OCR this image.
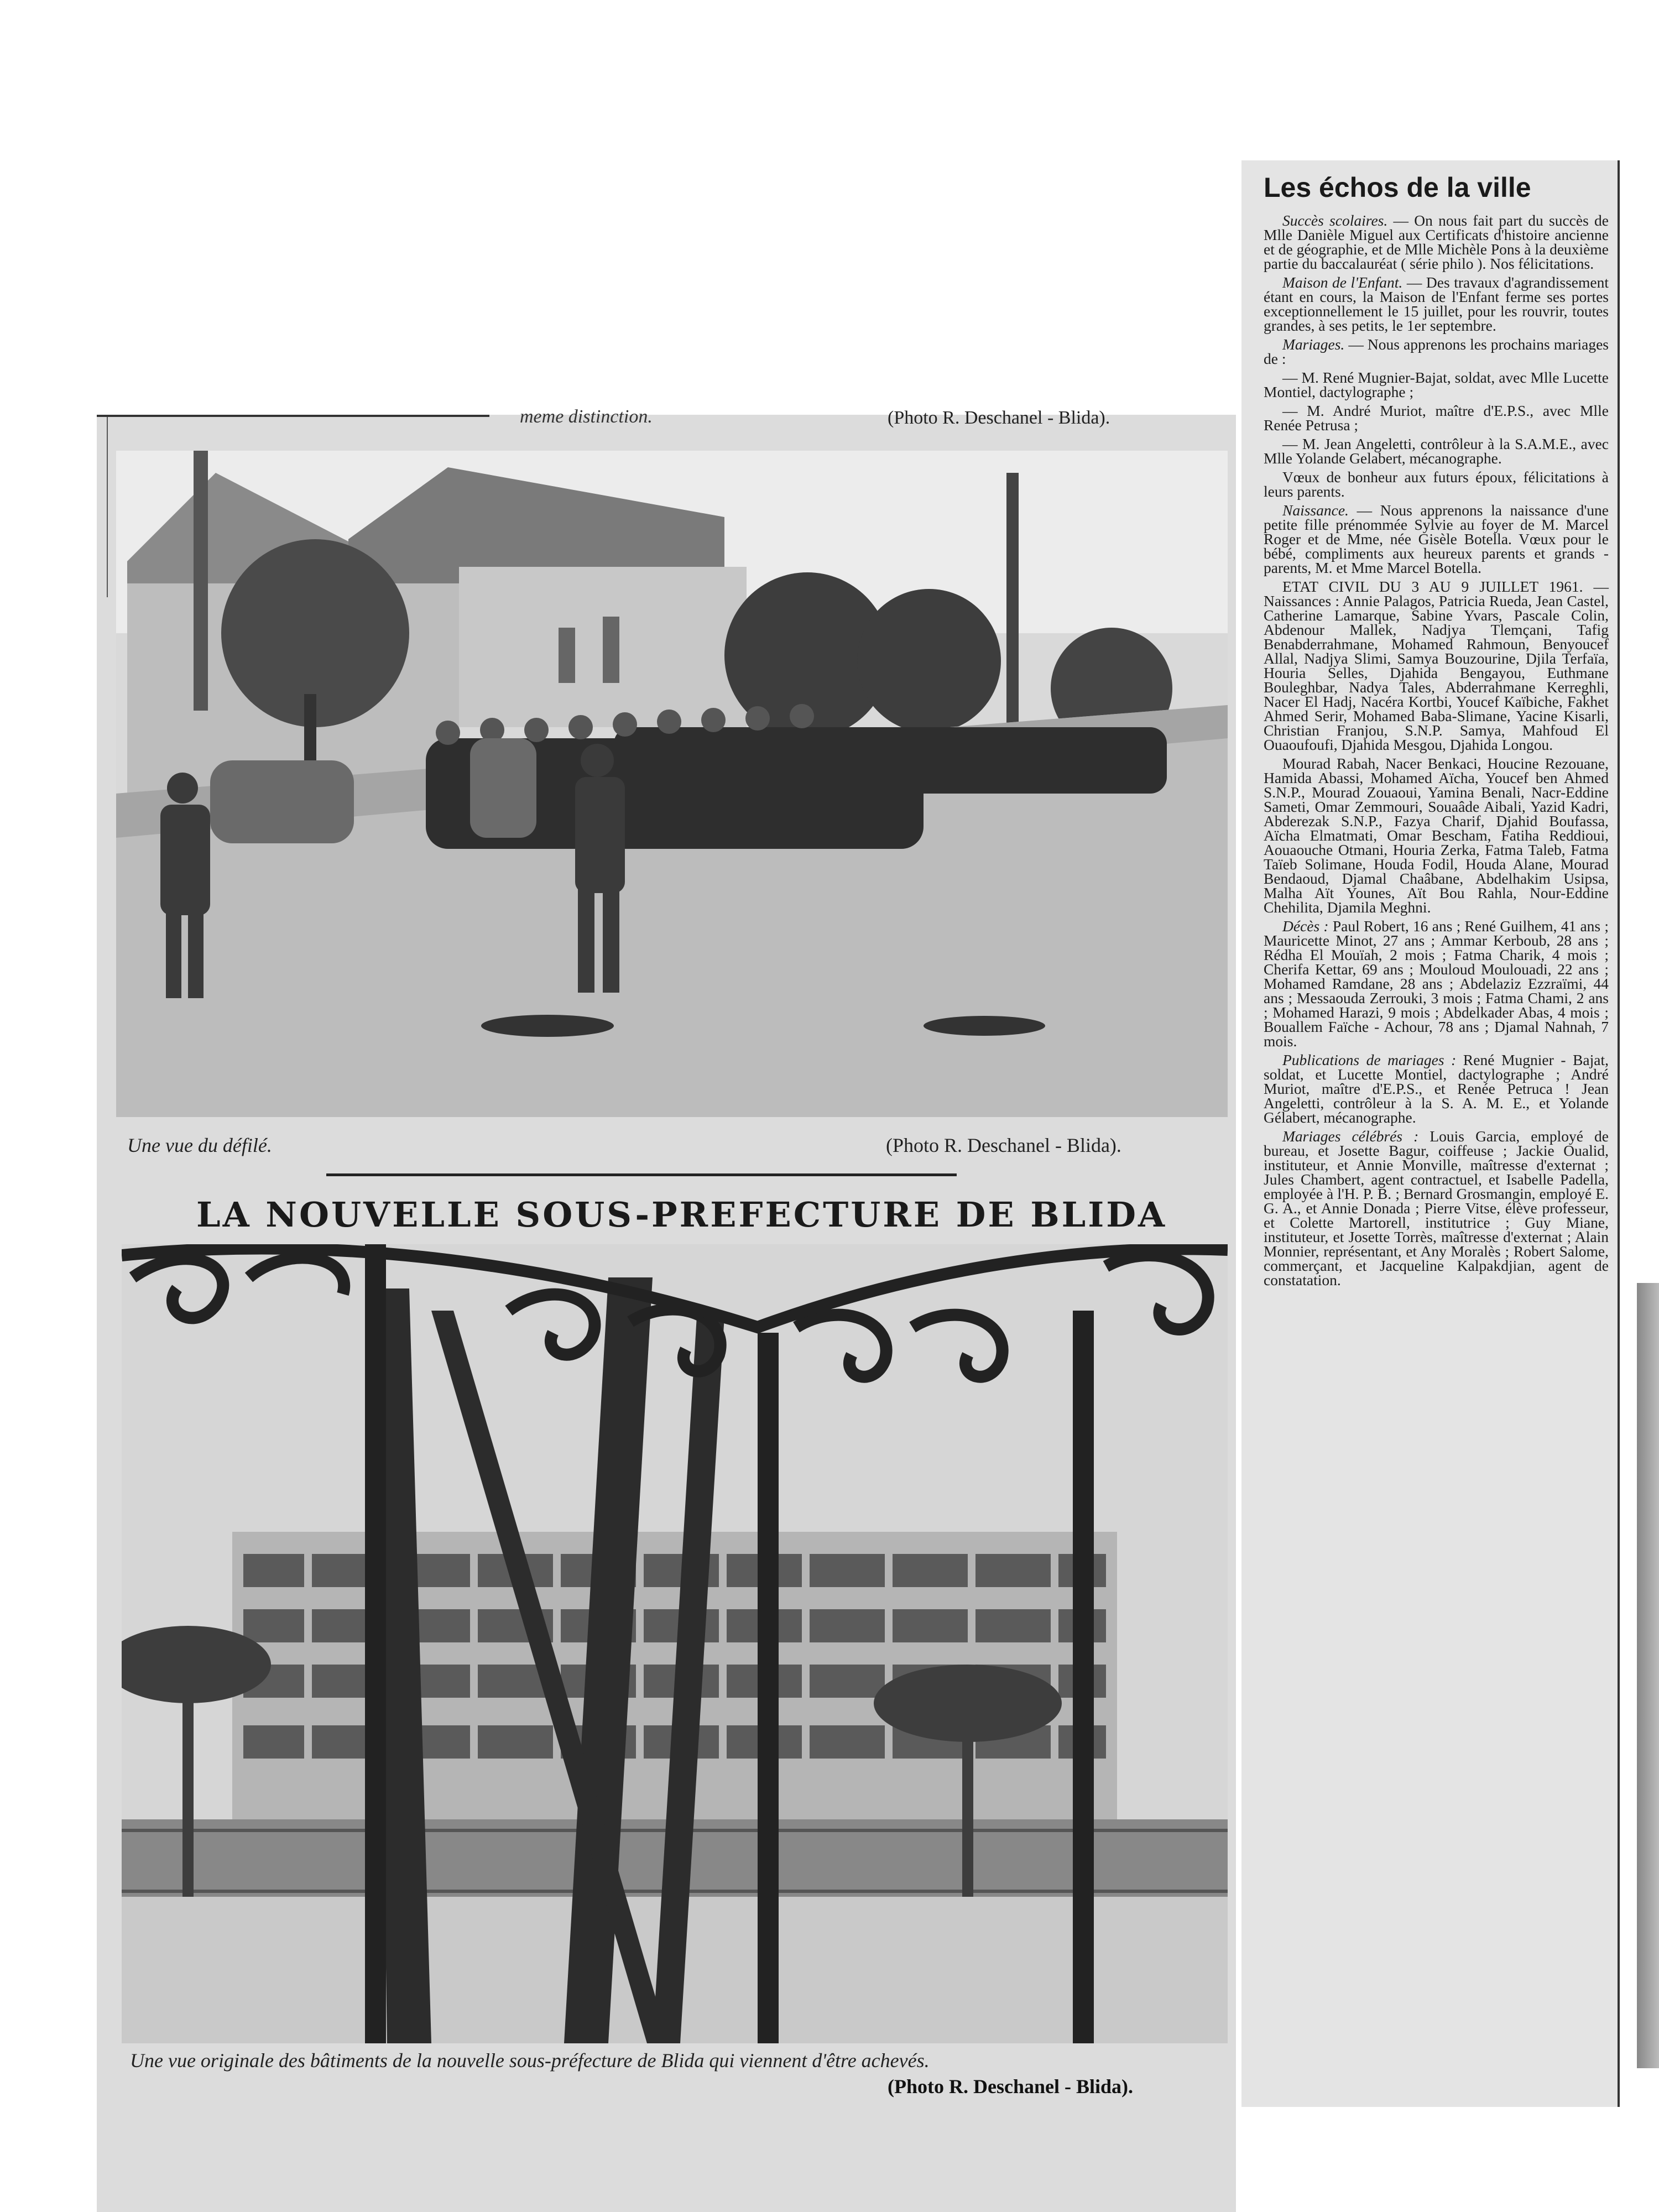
meme distinction.	(Photo R. Deschanel - Blida).
Une vue du défilé.	(Photo R. Deschanel - Blida).
LA NOUVELLE SOUS-PREFECTURE DE BLIDA
Une vue originale des bâtiments de la nouvelle sous-préfecture de Blida qui viennent d'être achevés.
(Photo R. Deschanel - Blida).
Les échos de la ville

Succès scolaires. — On nous fait part du succès de Mlle Danièle Miguel aux Certificats d'histoire ancienne et de géographie, et de Mlle Michèle Pons à la deuxième partie du baccalauréat ( série philo ). Nos félicitations.

Maison de l'Enfant. — Des travaux d'agrandissement étant en cours, la Maison de l'Enfant ferme ses portes exceptionnellement le 15 juillet, pour les rouvrir, toutes grandes, à ses petits, le 1er septembre.

Mariages. — Nous apprenons les prochains mariages de :

— M. René Mugnier-Bajat, soldat, avec Mlle Lucette Montiel, dactylographe ;

— M. André Muriot, maître d'E.P.S., avec Mlle Renée Petrusa ;

— M. Jean Angeletti, contrôleur à la S.A.M.E., avec Mlle Yolande Gelabert, mécanographe.

Vœux de bonheur aux futurs époux, félicitations à leurs parents.

Naissance. — Nous apprenons la naissance d'une petite fille prénommée Sylvie au foyer de M. Marcel Roger et de Mme, née Gisèle Botella. Vœux pour le bébé, compliments aux heureux parents et grands - parents, M. et Mme Marcel Botella.

ETAT CIVIL DU 3 AU 9 JUILLET 1961. — Naissances : Annie Palagos, Patricia Rueda, Jean Castel, Catherine Lamarque, Sabine Yvars, Pascale Colin, Abdenour Mallek, Nadjya Tlemçani, Tafig Benabderrahmane, Mohamed Rahmoun, Benyoucef Allal, Nadjya Slimi, Samya Bouzourine, Djila Terfaïa, Houria Selles, Djahida Bengayou, Euthmane Bouleghbar, Nadya Tales, Abderrahmane Kerreghli, Nacer El Hadj, Nacéra Kortbi, Youcef Kaïbiche, Fakhet Ahmed Serir, Mohamed Baba-Slimane, Yacine Kisarli, Christian Franjou, S.N.P. Samya, Mahfoud El Ouaoufoufi, Djahida Mesgou, Djahida Longou.

Mourad Rabah, Nacer Benkaci, Houcine Rezouane, Hamida Abassi, Mohamed Aïcha, Youcef ben Ahmed S.N.P., Mourad Zouaoui, Yamina Benali, Nacr-Eddine Sameti, Omar Zemmouri, Souaâde Aibali, Yazid Kadri, Abderezak S.N.P., Fazya Charif, Djahid Boufassa, Aïcha Elmatmati, Omar Bescham, Fatiha Reddioui, Aouaouche Otmani, Houria Zerka, Fatma Taleb, Fatma Taïeb Solimane, Houda Fodil, Houda Alane, Mourad Bendaoud, Djamal Chaâbane, Abdelhakim Usipsa, Malha Aït Younes, Aït Bou Rahla, Nour-Eddine Chehilita, Djamila Meghni.

Décès : Paul Robert, 16 ans ; René Guilhem, 41 ans ; Mauricette Minot, 27 ans ; Ammar Kerboub, 28 ans ; Rédha El Mouïah, 2 mois ; Fatma Charik, 4 mois ; Cherifa Kettar, 69 ans ; Mouloud Moulouadi, 22 ans ; Mohamed Ramdane, 28 ans ; Abdelaziz Ezzraïmi, 44 ans ; Messaouda Zerrouki, 3 mois ; Fatma Chami, 2 ans ; Mohamed Harazi, 9 mois ; Abdelkader Abas, 4 mois ; Bouallem Faïche - Achour, 78 ans ; Djamal Nahnah, 7 mois.

Publications de mariages : René Mugnier - Bajat, soldat, et Lucette Montiel, dactylographe ; André Muriot, maître d'E.P.S., et Renée Petruca ! Jean Angeletti, contrôleur à la S. A. M. E., et Yolande Gélabert, mécanographe.

Mariages célébrés : Louis Garcia, employé de bureau, et Josette Bagur, coiffeuse ; Jackie Oualid, instituteur, et Annie Monville, maîtresse d'externat ; Jules Chambert, agent contractuel, et Isabelle Padella, employée à l'H. P. B. ; Bernard Grosmangin, employé E. G. A., et Annie Donada ; Pierre Vitse, élève professeur, et Colette Martorell, institutrice ; Guy Miane, instituteur, et Josette Torrès, maîtresse d'externat ; Alain Monnier, représentant, et Any Moralès ; Robert Salome, commerçant, et Jacqueline Kalpakdjian, agent de constatation.
